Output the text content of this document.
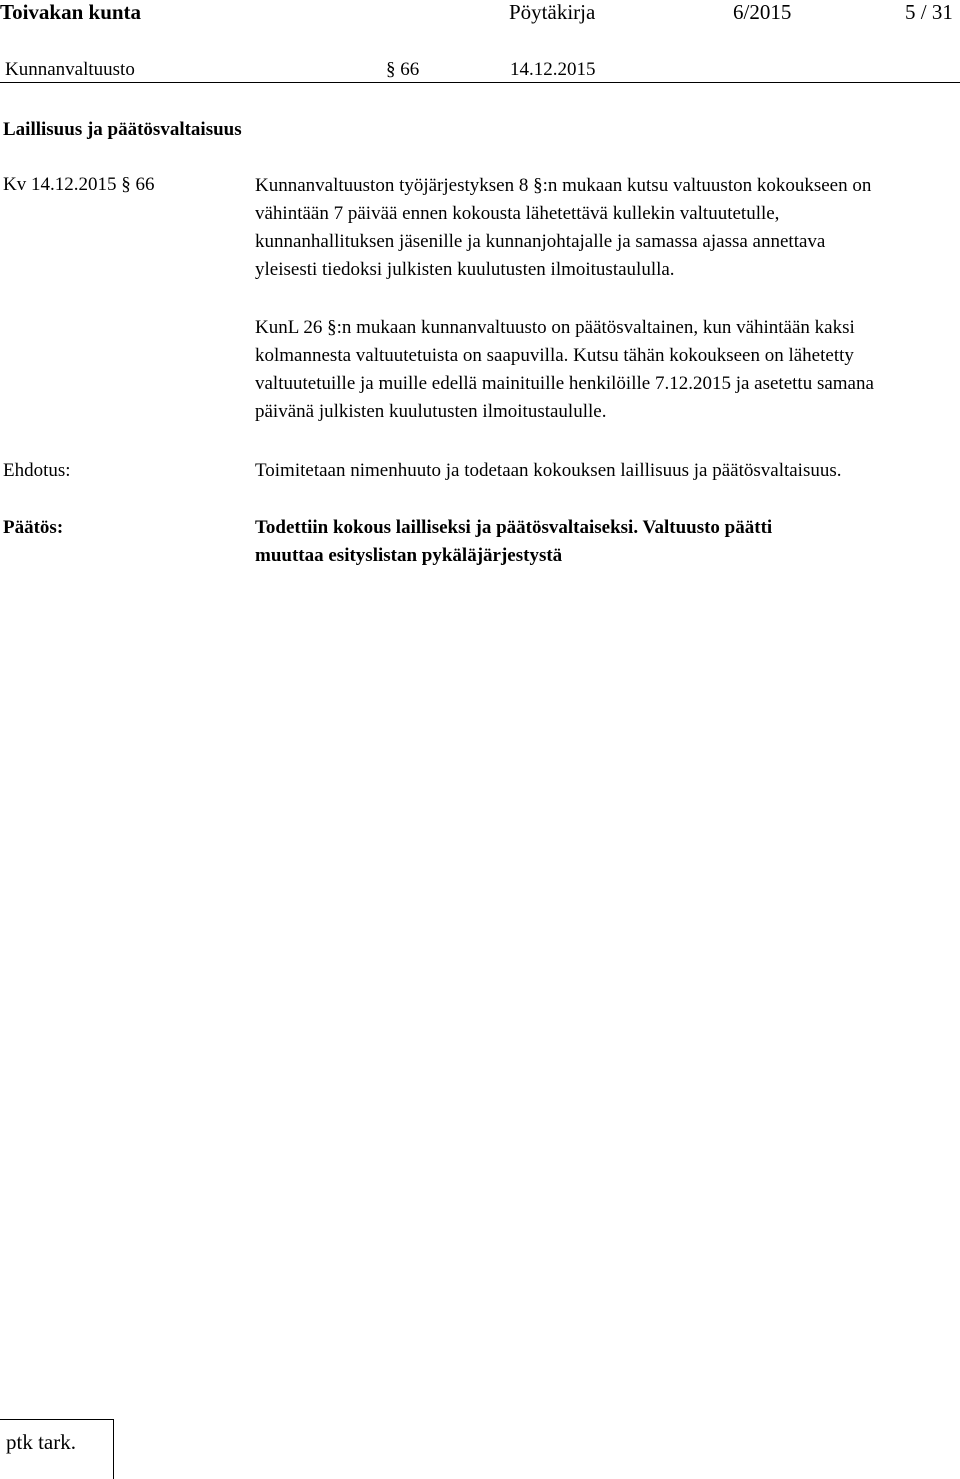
Toivakan kunta	Pöytäkirja	6/2015	5 / 31
Kunnanvaltuusto	§ 66	14.12.2015
Laillisuus ja päätösvaltaisuus
Kv 14.12.2015 § 66	Kunnanvaltuuston työjärjestyksen 8 §:n mukaan kutsu valtuuston kokoukseen on

vähintään 7 päivää ennen kokousta lähetettävä kullekin valtuutetulle,

kunnanhallituksen jäsenille ja kunnanjohtajalle ja samassa ajassa annettava

yleisesti tiedoksi julkisten kuulutusten ilmoitustaululla.

KunL 26 §:n mukaan kunnanvaltuusto on päätösvaltainen, kun vähintään kaksi

kolmannesta valtuutetuista on saapuvilla. Kutsu tähän kokoukseen on lähetetty

valtuutetuille ja muille edellä mainituille henkilöille 7.12.2015 ja asetettu samana

päivänä julkisten kuulutusten ilmoitustaululle.

Ehdotus:	Toimitetaan nimenhuuto ja todetaan kokouksen laillisuus ja päätösvaltaisuus.

Päätös:	Todettiin kokous lailliseksi ja päätösvaltaiseksi. Valtuusto päätti

muuttaa esityslistan pykäläjärjestystä

ptk tark.
